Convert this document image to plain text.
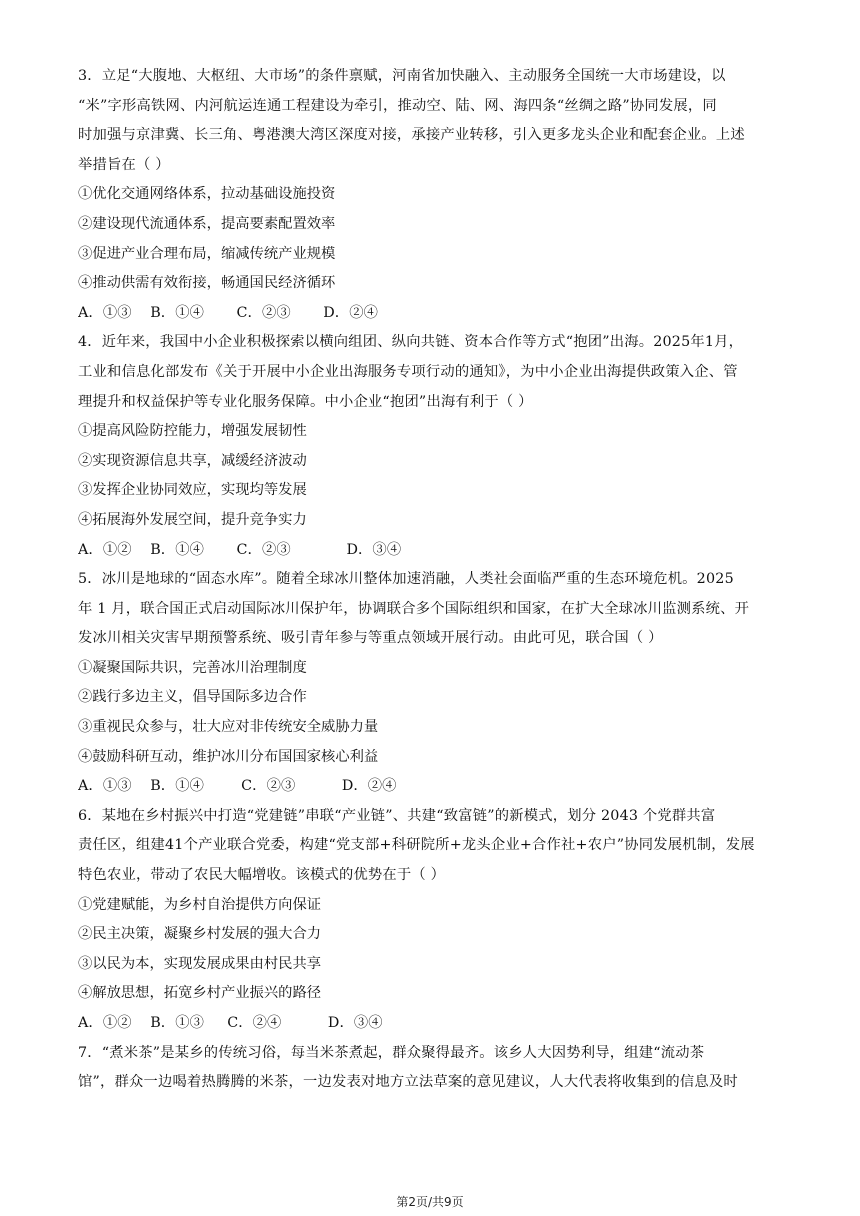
3．立足“大腹地、大枢纽、大市场”的条件禀赋，河南省加快融入、主动服务全国统一大市场建设，以
“米”字形高铁网、内河航运连通工程建设为牵引，推动空、陆、网、海四条“丝绸之路”协同发展，同
时加强与京津冀、长三角、粤港澳大湾区深度对接，承接产业转移，引入更多龙头企业和配套企业。上述
举措旨在（ ）
①优化交通网络体系，拉动基础设施投资
②建设现代流通体系，提高要素配置效率
③促进产业合理布局，缩减传统产业规模
④推动供需有效衔接，畅通国民经济循环
A．①③    B．①④       C．②③       D．②④
4．近年来，我国中小企业积极探索以横向组团、纵向共链、资本合作等方式“抱团”出海。2025年1月，
工业和信息化部发布《关于开展中小企业出海服务专项行动的通知》，为中小企业出海提供政策入企、管
理提升和权益保护等专业化服务保障。中小企业“抱团”出海有利于（ ）
①提高风险防控能力，增强发展韧性
②实现资源信息共享，减缓经济波动
③发挥企业协同效应，实现均等发展
④拓展海外发展空间，提升竞争实力
A．①②    B．①④       C．②③            D．③④
5．冰川是地球的“固态水库”。随着全球冰川整体加速消融，人类社会面临严重的生态环境危机。2025
年 1 月，联合国正式启动国际冰川保护年，协调联合多个国际组织和国家，在扩大全球冰川监测系统、开
发冰川相关灾害早期预警系统、吸引青年参与等重点领域开展行动。由此可见，联合国（ ）
①凝聚国际共识，完善冰川治理制度
②践行多边主义，倡导国际多边合作
③重视民众参与，壮大应对非传统安全威胁力量
④鼓励科研互动，维护冰川分布国国家核心利益
A．①③    B．①④        C．②③          D．②④
6．某地在乡村振兴中打造“党建链”串联“产业链”、共建“致富链”的新模式，划分 2043 个党群共富
责任区，组建41个产业联合党委，构建“党支部+科研院所+龙头企业+合作社+农户”协同发展机制，发展
特色农业，带动了农民大幅增收。该模式的优势在于（ ）
①党建赋能，为乡村自治提供方向保证
②民主决策，凝聚乡村发展的强大合力
③以民为本，实现发展成果由村民共享
④解放思想，拓宽乡村产业振兴的路径
A．①②    B．①③     C．②④          D．③④
7．“煮米茶”是某乡的传统习俗，每当米茶煮起，群众聚得最齐。该乡人大因势利导，组建“流动茶
馆”，群众一边喝着热腾腾的米茶，一边发表对地方立法草案的意见建议，人大代表将收集到的信息及时
第2页/共9页
